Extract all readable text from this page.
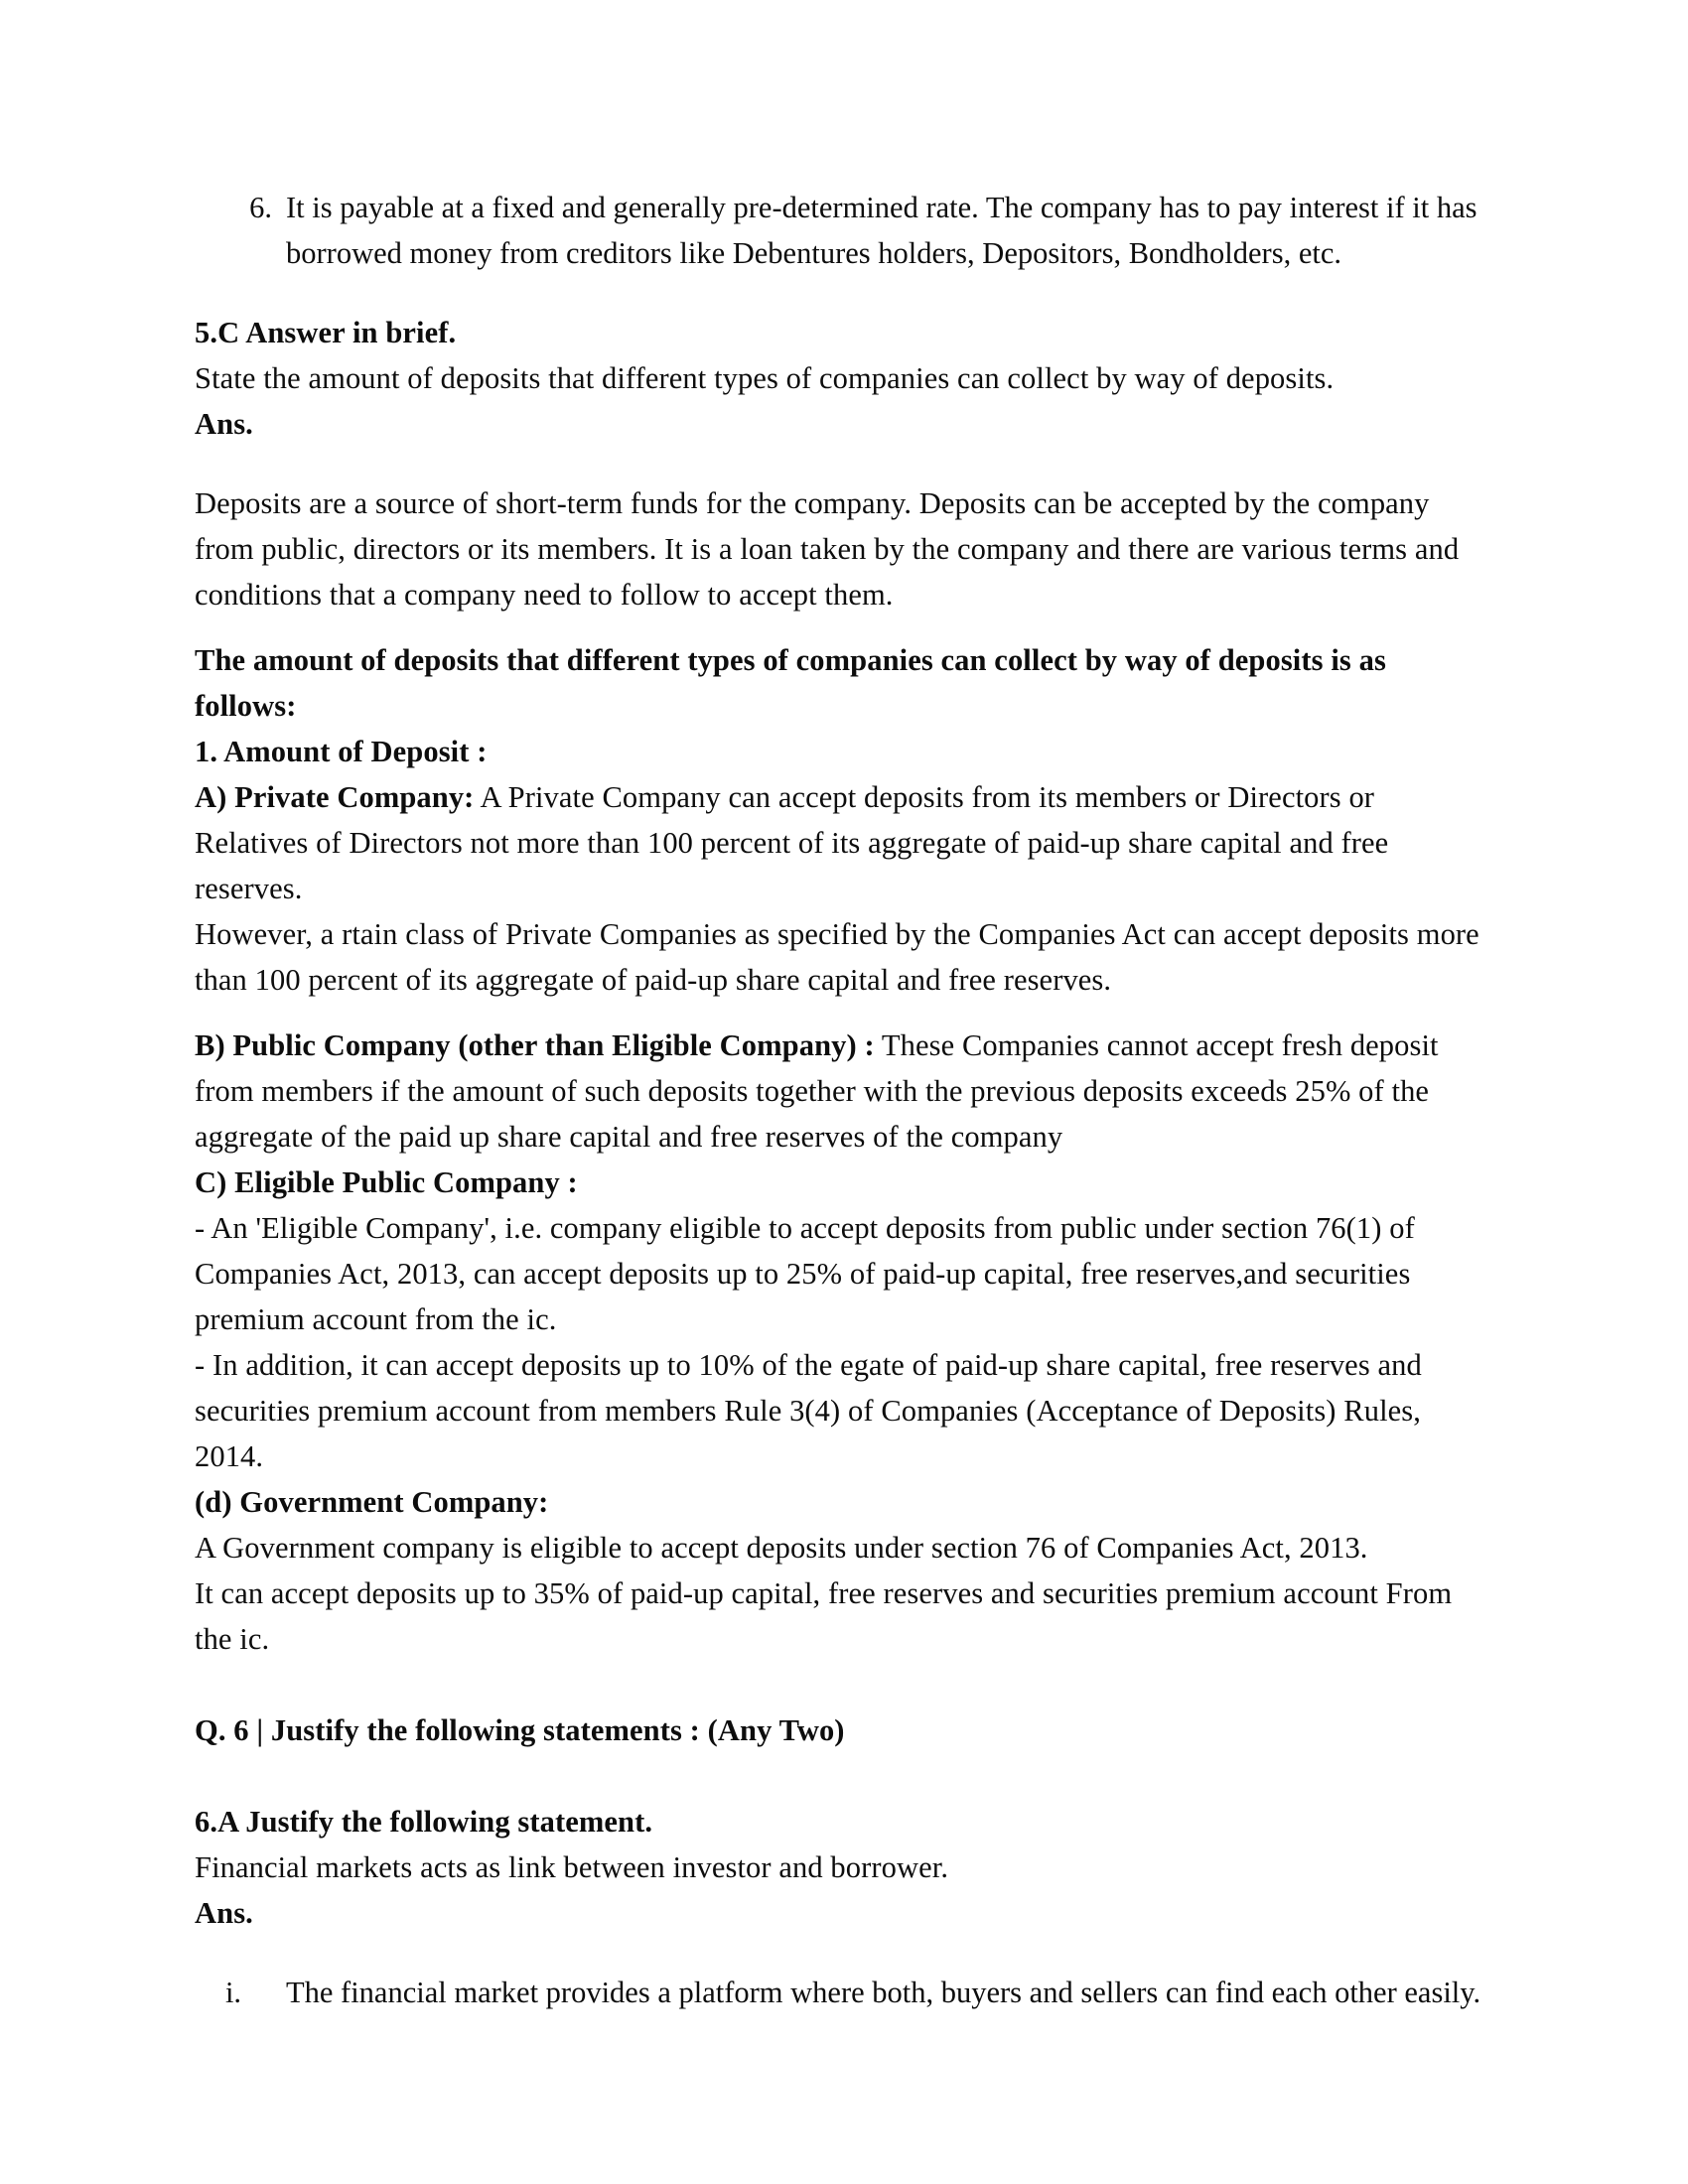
6. It is payable at a fixed and generally pre-determined rate. The company has to pay interest if it has borrowed money from creditors like Debentures holders, Depositors, Bondholders, etc.

5.C Answer in brief.

State the amount of deposits that different types of companies can collect by way of deposits.

Ans.

Deposits are a source of short-term funds for the company. Deposits can be accepted by the company from public, directors or its members. It is a loan taken by the company and there are various terms and conditions that a company need to follow to accept them.

The amount of deposits that different types of companies can collect by way of deposits is as follows:

1. Amount of Deposit :

A) Private Company: A Private Company can accept deposits from its members or Directors or Relatives of Directors not more than 100 percent of its aggregate of paid-up share capital and free reserves.

However, a rtain class of Private Companies as specified by the Companies Act can accept deposits more than 100 percent of its aggregate of paid-up share capital and free reserves.

B) Public Company (other than Eligible Company) : These Companies cannot accept fresh deposit from members if the amount of such deposits together with the previous deposits exceeds 25% of the aggregate of the paid up share capital and free reserves of the company

C) Eligible Public Company :

- An 'Eligible Company', i.e. company eligible to accept deposits from public under section 76(1) of Companies Act, 2013, can accept deposits up to 25% of paid-up capital, free reserves,and securities premium account from the ic.

- In addition, it can accept deposits up to 10% of the egate of paid-up share capital, free reserves and securities premium account from members Rule 3(4) of Companies (Acceptance of Deposits) Rules, 2014.

(d) Government Company:

A Government company is eligible to accept deposits under section 76 of Companies Act, 2013.

It can accept deposits up to 35% of paid-up capital, free reserves and securities premium account From the ic.

Q. 6 | Justify the following statements : (Any Two)

6.A Justify the following statement.

Financial markets acts as link between investor and borrower.

Ans.

i.	The financial market provides a platform where both, buyers and sellers can find each other easily.
